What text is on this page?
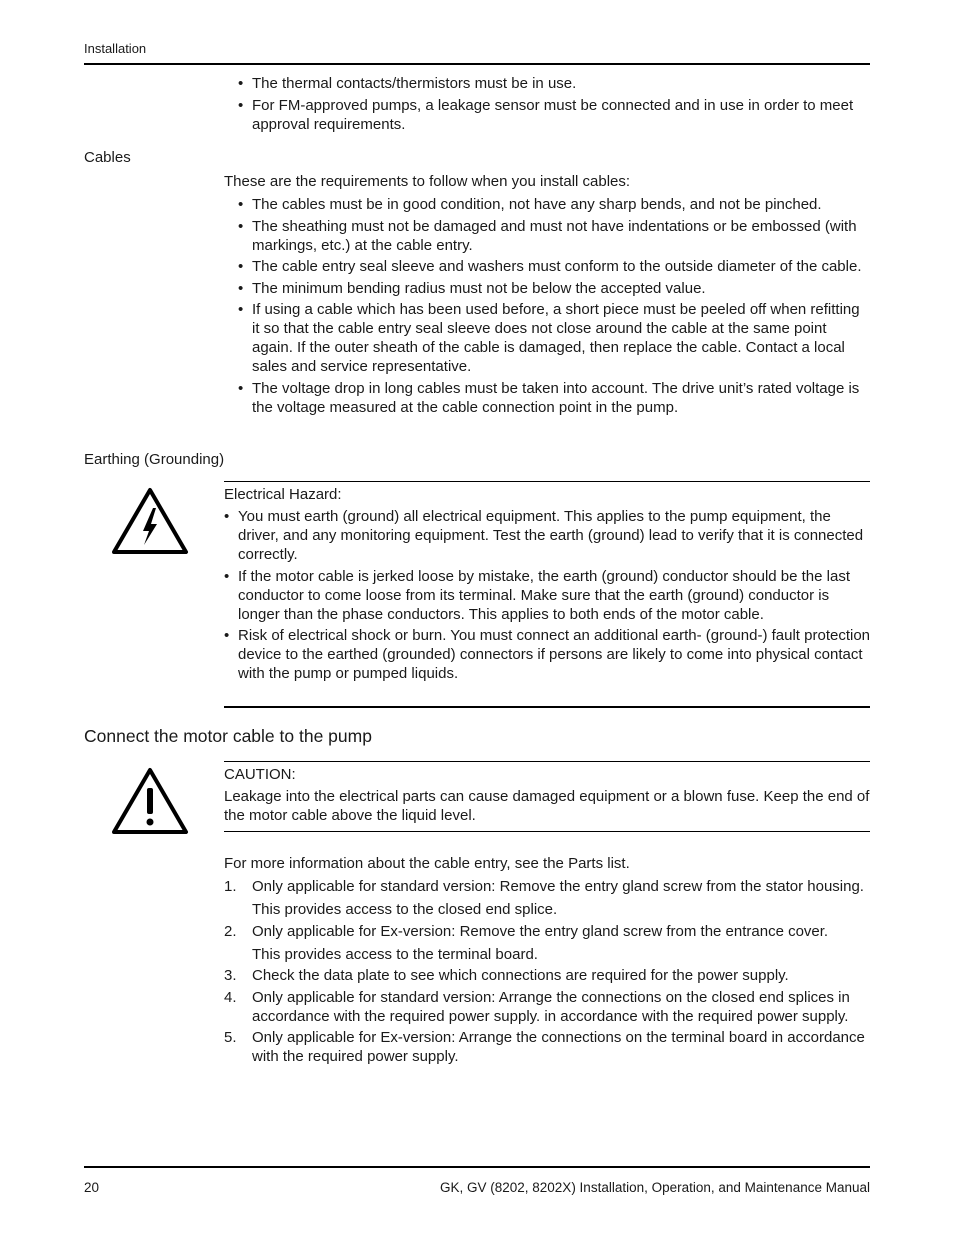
Installation
• The thermal contacts/thermistors must be in use.
• For FM-approved pumps, a leakage sensor must be connected and in use in order to meet approval requirements.
Cables

These are the requirements to follow when you install cables:

• The cables must be in good condition, not have any sharp bends, and not be pinched.
• The sheathing must not be damaged and must not have indentations or be embossed (with markings, etc.) at the cable entry.
• The cable entry seal sleeve and washers must conform to the outside diameter of the cable.
• The minimum bending radius must not be below the accepted value.
• If using a cable which has been used before, a short piece must be peeled off when refitting it so that the cable entry seal sleeve does not close around the cable at the same point again. If the outer sheath of the cable is damaged, then replace the cable. Contact a local sales and service representative.
• The voltage drop in long cables must be taken into account. The drive unit’s rated voltage is the voltage measured at the cable connection point in the pump.
Earthing (Grounding)

Electrical Hazard:

• You must earth (ground) all electrical equipment. This applies to the pump equipment, the driver, and any monitoring equipment. Test the earth (ground) lead to verify that it is connected correctly.
• If the motor cable is jerked loose by mistake, the earth (ground) conductor should be the last conductor to come loose from its terminal. Make sure that the earth (ground) conductor is longer than the phase conductors. This applies to both ends of the motor cable.
• Risk of electrical shock or burn. You must connect an additional earth- (ground-) fault protection device to the earthed (grounded) connectors if persons are likely to come into physical contact with the pump or pumped liquids.
Connect the motor cable to the pump

CAUTION:

Leakage into the electrical parts can cause damaged equipment or a blown fuse. Keep the end of the motor cable above the liquid level.

For more information about the cable entry, see the Parts list.

1. Only applicable for standard version: Remove the entry gland screw from the stator housing.
This provides access to the closed end splice.
2. Only applicable for Ex-version: Remove the entry gland screw from the entrance cover.
This provides access to the terminal board.
3. Check the data plate to see which connections are required for the power supply.
4. Only applicable for standard version: Arrange the connections on the closed end splices in accordance with the required power supply. in accordance with the required power supply.
5. Only applicable for Ex-version: Arrange the connections on the terminal board in accordance with the required power supply.
20	GK, GV (8202, 8202X) Installation, Operation, and Maintenance Manual
